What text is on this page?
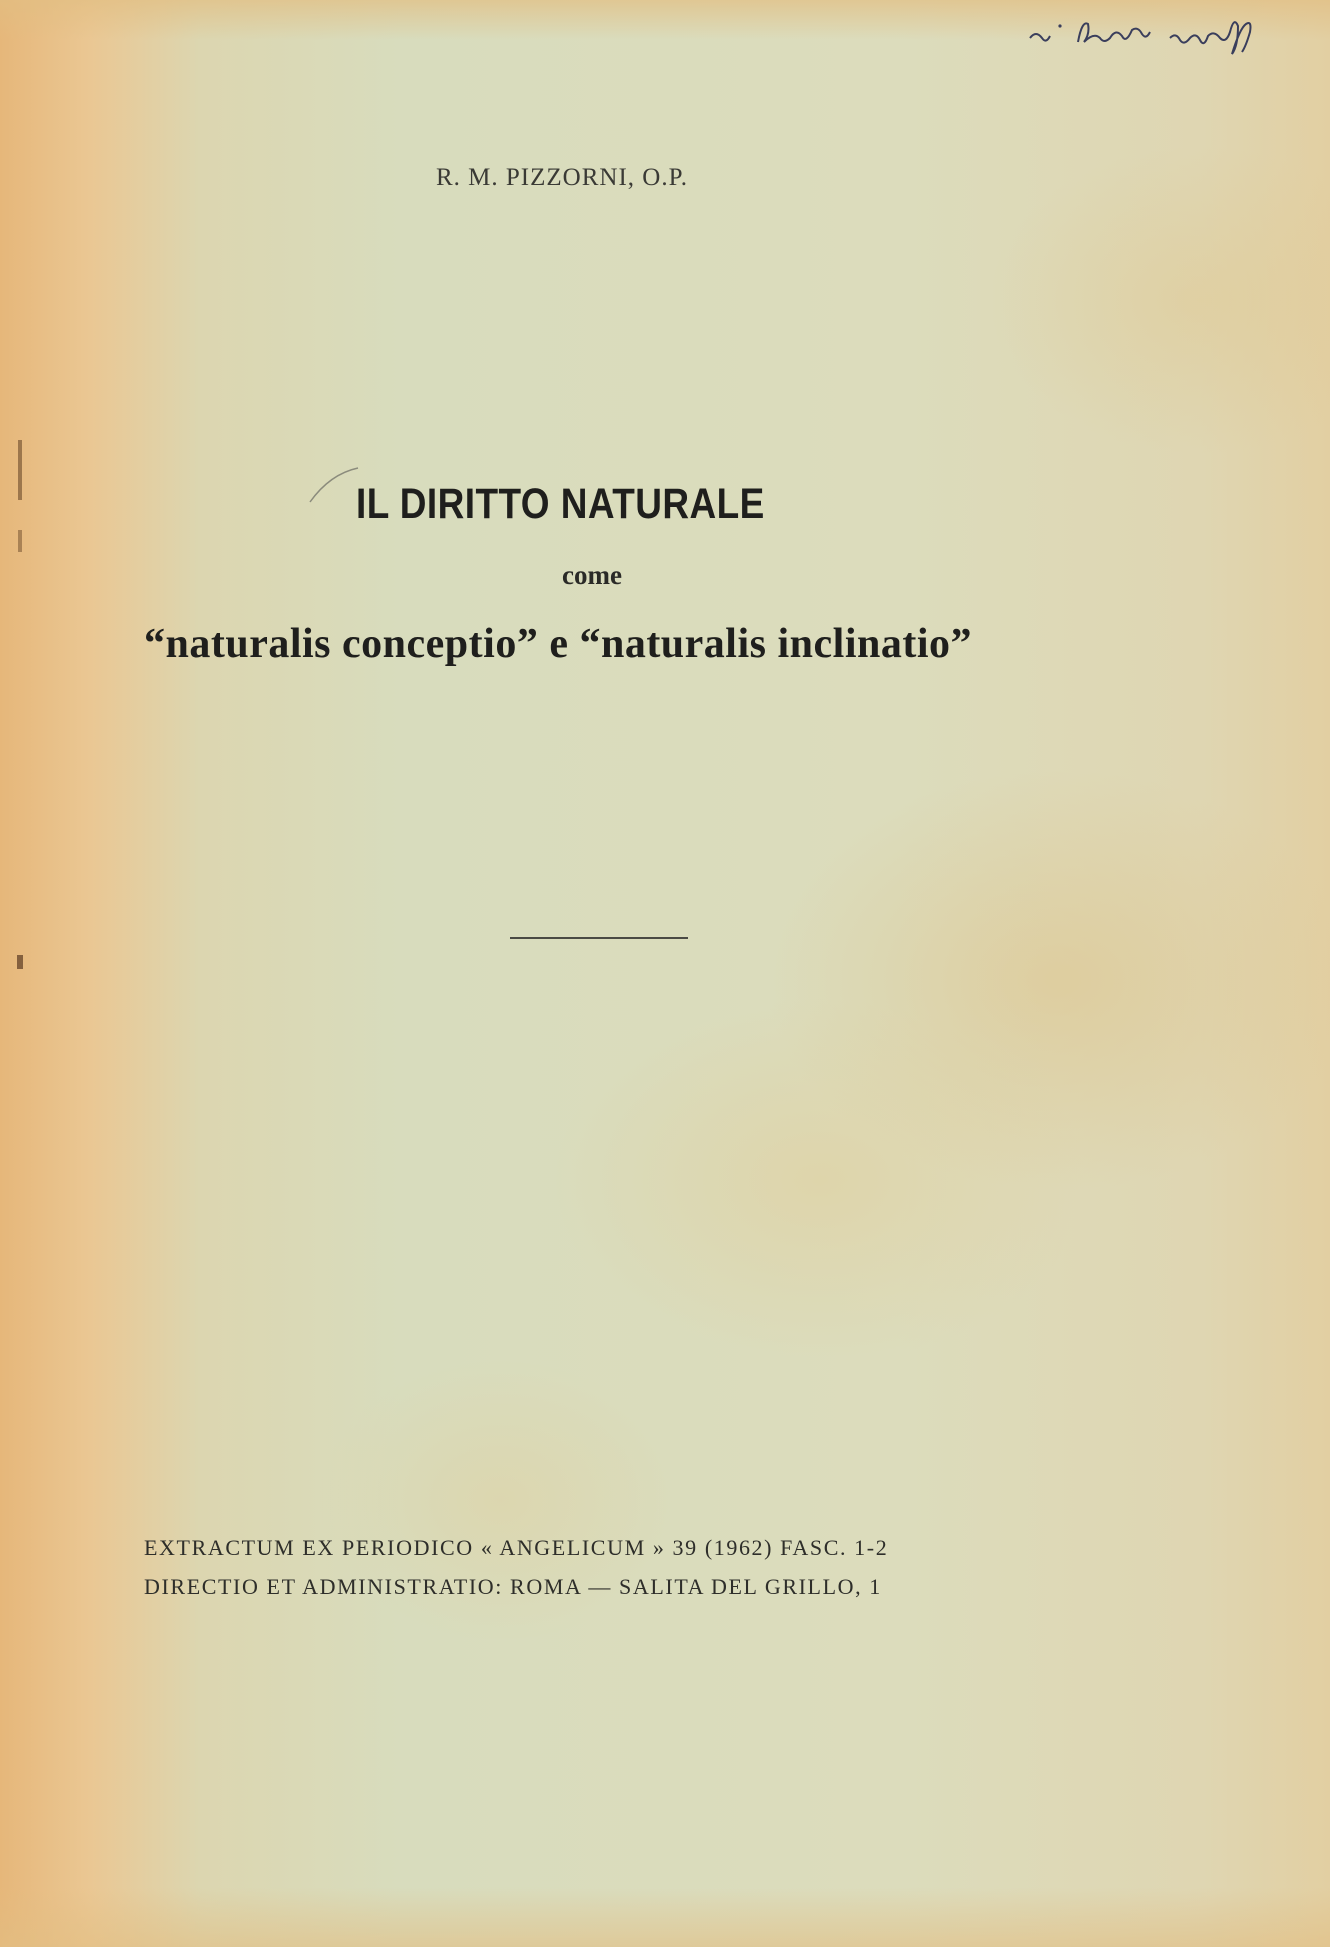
R. M. PIZZORNI, O.P.
IL DIRITTO NATURALE
come
“naturalis conceptio” e “naturalis inclinatio”
EXTRACTUM EX PERIODICO « ANGELICUM » 39 (1962) FASC. 1-2
DIRECTIO ET ADMINISTRATIO: ROMA — SALITA DEL GRILLO, 1
